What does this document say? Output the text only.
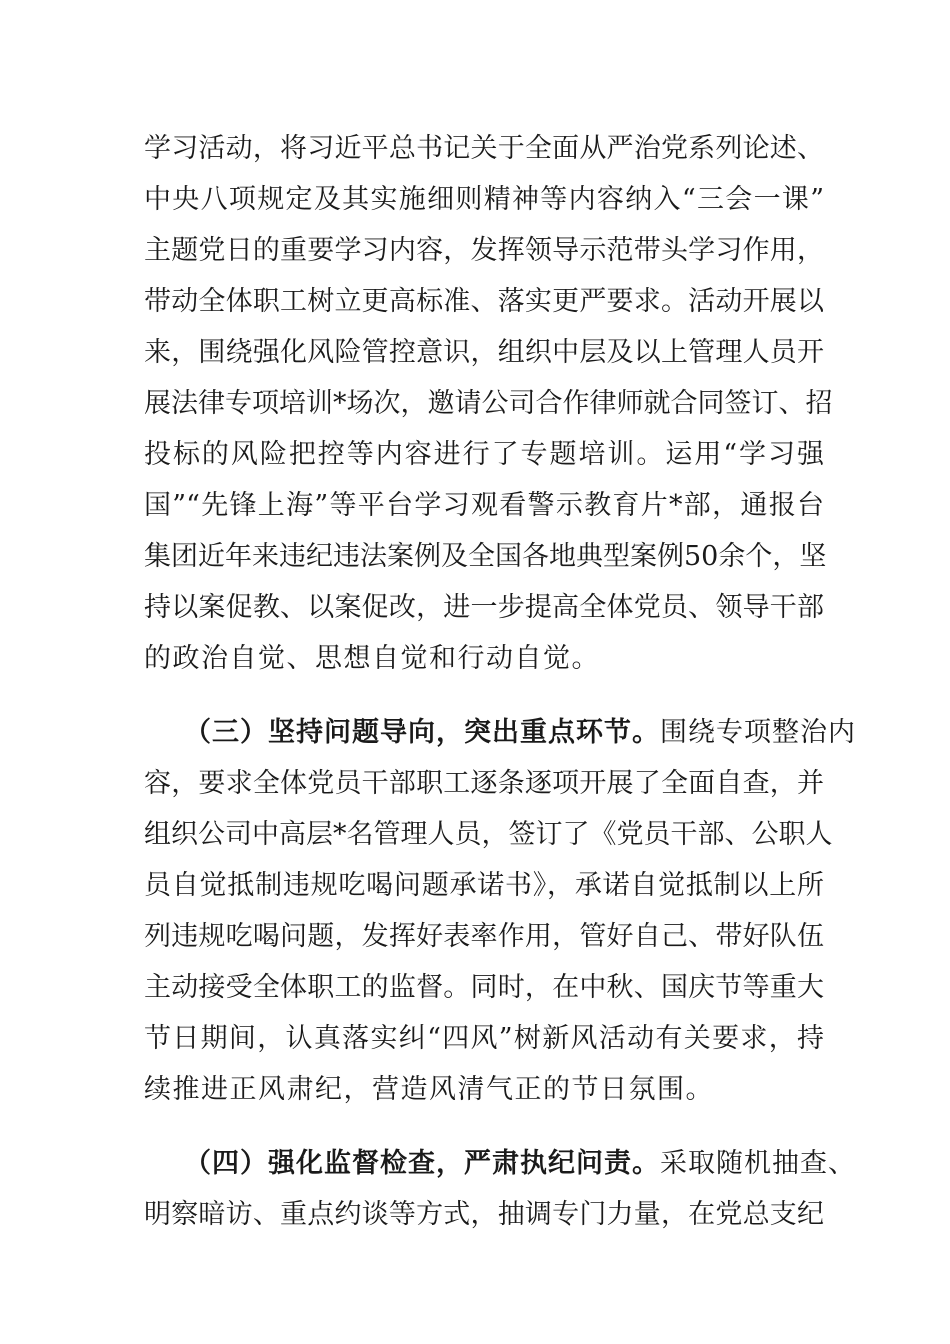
学习活动，将习近平总书记关于全面从严治党系列论述、
中央八项规定及其实施细则精神等内容纳入“三会一课”
主题党日的重要学习内容，发挥领导示范带头学习作用，
带动全体职工树立更高标准、落实更严要求。活动开展以
来，围绕强化风险管控意识，组织中层及以上管理人员开
展法律专项培训*场次，邀请公司合作律师就合同签订、招
投标的风险把控等内容进行了专题培训。运用“学习强
国”“先锋上海”等平台学习观看警示教育片*部，通报台
集团近年来违纪违法案例及全国各地典型案例50余个，坚
持以案促教、以案促改，进一步提高全体党员、领导干部
的政治自觉、思想自觉和行动自觉。
（三）坚持问题导向，突出重点环节。围绕专项整治内
容，要求全体党员干部职工逐条逐项开展了全面自查，并
组织公司中高层*名管理人员，签订了《党员干部、公职人
员自觉抵制违规吃喝问题承诺书》，承诺自觉抵制以上所
列违规吃喝问题，发挥好表率作用，管好自己、带好队伍
主动接受全体职工的监督。同时，在中秋、国庆节等重大
节日期间，认真落实纠“四风”树新风活动有关要求，持
续推进正风肃纪，营造风清气正的节日氛围。
（四）强化监督检查，严肃执纪问责。采取随机抽查、
明察暗访、重点约谈等方式，抽调专门力量，在党总支纪
